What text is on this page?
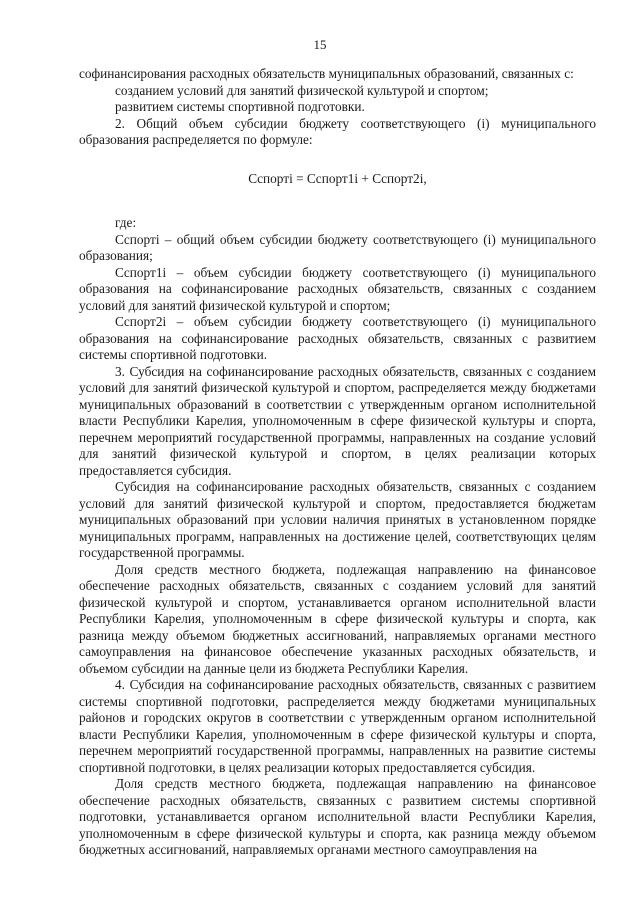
15

софинансирования расходных обязательств муниципальных образований, связанных с:

созданием условий для занятий физической культурой и спортом;

развитием системы спортивной подготовки.

2. Общий объем субсидии бюджету соответствующего (i) муниципального образования распределяется по формуле:

Cспортi = Cспорт1i + Cспорт2i,

где:

Cспортi – общий объем субсидии бюджету соответствующего (i) муниципального образования;

Cспорт1i – объем субсидии бюджету соответствующего (i) муниципального образования на софинансирование расходных обязательств, связанных с созданием условий для занятий физической культурой и спортом;

Cспорт2i – объем субсидии бюджету соответствующего (i) муниципального образования на софинансирование расходных обязательств, связанных с развитием системы спортивной подготовки.

3. Субсидия на софинансирование расходных обязательств, связанных с созданием условий для занятий физической культурой и спортом, распределяется между бюджетами муниципальных образований в соответствии с утвержденным органом исполнительной власти Республики Карелия, уполномоченным в сфере физической культуры и спорта, перечнем мероприятий государственной программы, направленных на создание условий для занятий физической культурой и спортом, в целях реализации которых предоставляется субсидия.

Субсидия на софинансирование расходных обязательств, связанных с созданием условий для занятий физической культурой и спортом, предоставляется бюджетам муниципальных образований при условии наличия принятых в установленном порядке муниципальных программ, направленных на достижение целей, соответствующих целям государственной программы.

Доля средств местного бюджета, подлежащая направлению на финансовое обеспечение расходных обязательств, связанных с созданием условий для занятий физической культурой и спортом, устанавливается органом исполнительной власти Республики Карелия, уполномоченным в сфере физической культуры и спорта, как разница между объемом бюджетных ассигнований, направляемых органами местного самоуправления на финансовое обеспечение указанных расходных обязательств, и объемом субсидии на данные цели из бюджета Республики Карелия.

4. Субсидия на софинансирование расходных обязательств, связанных с развитием системы спортивной подготовки, распределяется между бюджетами муниципальных районов и городских округов в соответствии с утвержденным органом исполнительной власти Республики Карелия, уполномоченным в сфере физической культуры и спорта, перечнем мероприятий государственной программы, направленных на развитие системы спортивной подготовки, в целях реализации которых предоставляется субсидия.

Доля средств местного бюджета, подлежащая направлению на финансовое обеспечение расходных обязательств, связанных с развитием системы спортивной подготовки, устанавливается органом исполнительной власти Республики Карелия, уполномоченным в сфере физической культуры и спорта, как разница между объемом бюджетных ассигнований, направляемых органами местного самоуправления на
